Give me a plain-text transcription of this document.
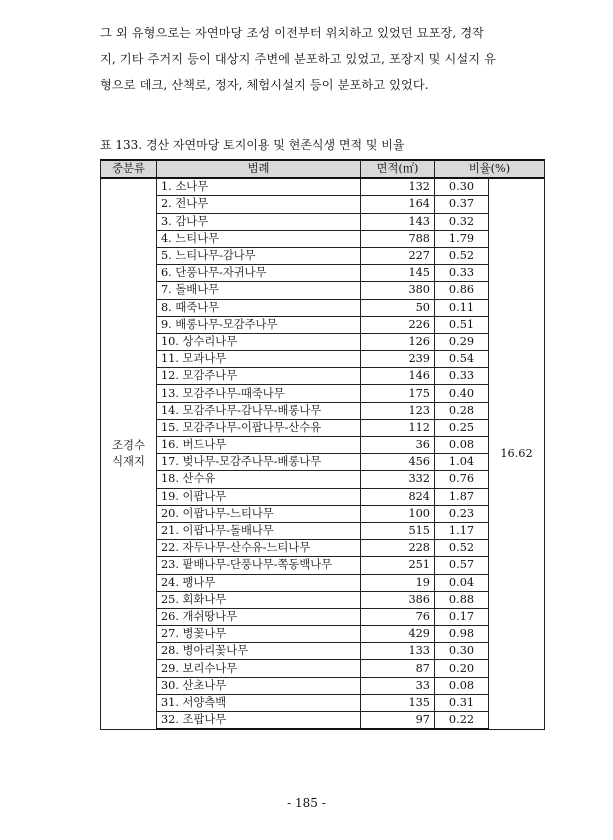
그 외 유형으로는 자연마당 조성 이전부터 위치하고 있었던 묘포장, 경작
지, 기타 주거지 등이 대상지 주변에 분포하고 있었고, 포장지 및 시설지 유
형으로 데크, 산책로, 정자, 체험시설지 등이 분포하고 있었다.
표 133. 경산 자연마당 토지이용 및 현존식생 면적 및 비율
중분류	범례	면적(㎡)	비율(%)	

조경수
식재지	1. 소나무	132	0.30	16.62
	2. 전나무	164	0.37	
	3. 감나무	143	0.32	
	4. 느티나무	788	1.79	
	5. 느티나무-감나무	227	0.52	
	6. 단풍나무-자귀나무	145	0.33	
	7. 돌배나무	380	0.86	
	8. 때죽나무	50	0.11	
	9. 배롱나무-모감주나무	226	0.51	
	10. 상수리나무	126	0.29	
	11. 모과나무	239	0.54	
	12. 모감주나무	146	0.33	
	13. 모감주나무-때죽나무	175	0.40	
	14. 모감주나무-감나무-배롱나무	123	0.28	
	15. 모감주나무-이팝나무-산수유	112	0.25	
	16. 버드나무	36	0.08	
	17. 벚나무-모감주나무-배롱나무	456	1.04	
	18. 산수유	332	0.76	
	19. 이팝나무	824	1.87	
	20. 이팝나무-느티나무	100	0.23	
	21. 이팝나무-돌배나무	515	1.17	
	22. 자두나무-산수유-느티나무	228	0.52	
	23. 팥배나무-단풍나무-쪽동백나무	251	0.57	
	24. 팽나무	19	0.04	
	25. 회화나무	386	0.88	
	26. 개쉬땅나무	76	0.17	
	27. 병꽃나무	429	0.98	
	28. 병아리꽃나무	133	0.30	
	29. 보리수나무	87	0.20	
	30. 산초나무	33	0.08	
	31. 서양측백	135	0.31	
	32. 조팝나무	97	0.22	
- 185 -
